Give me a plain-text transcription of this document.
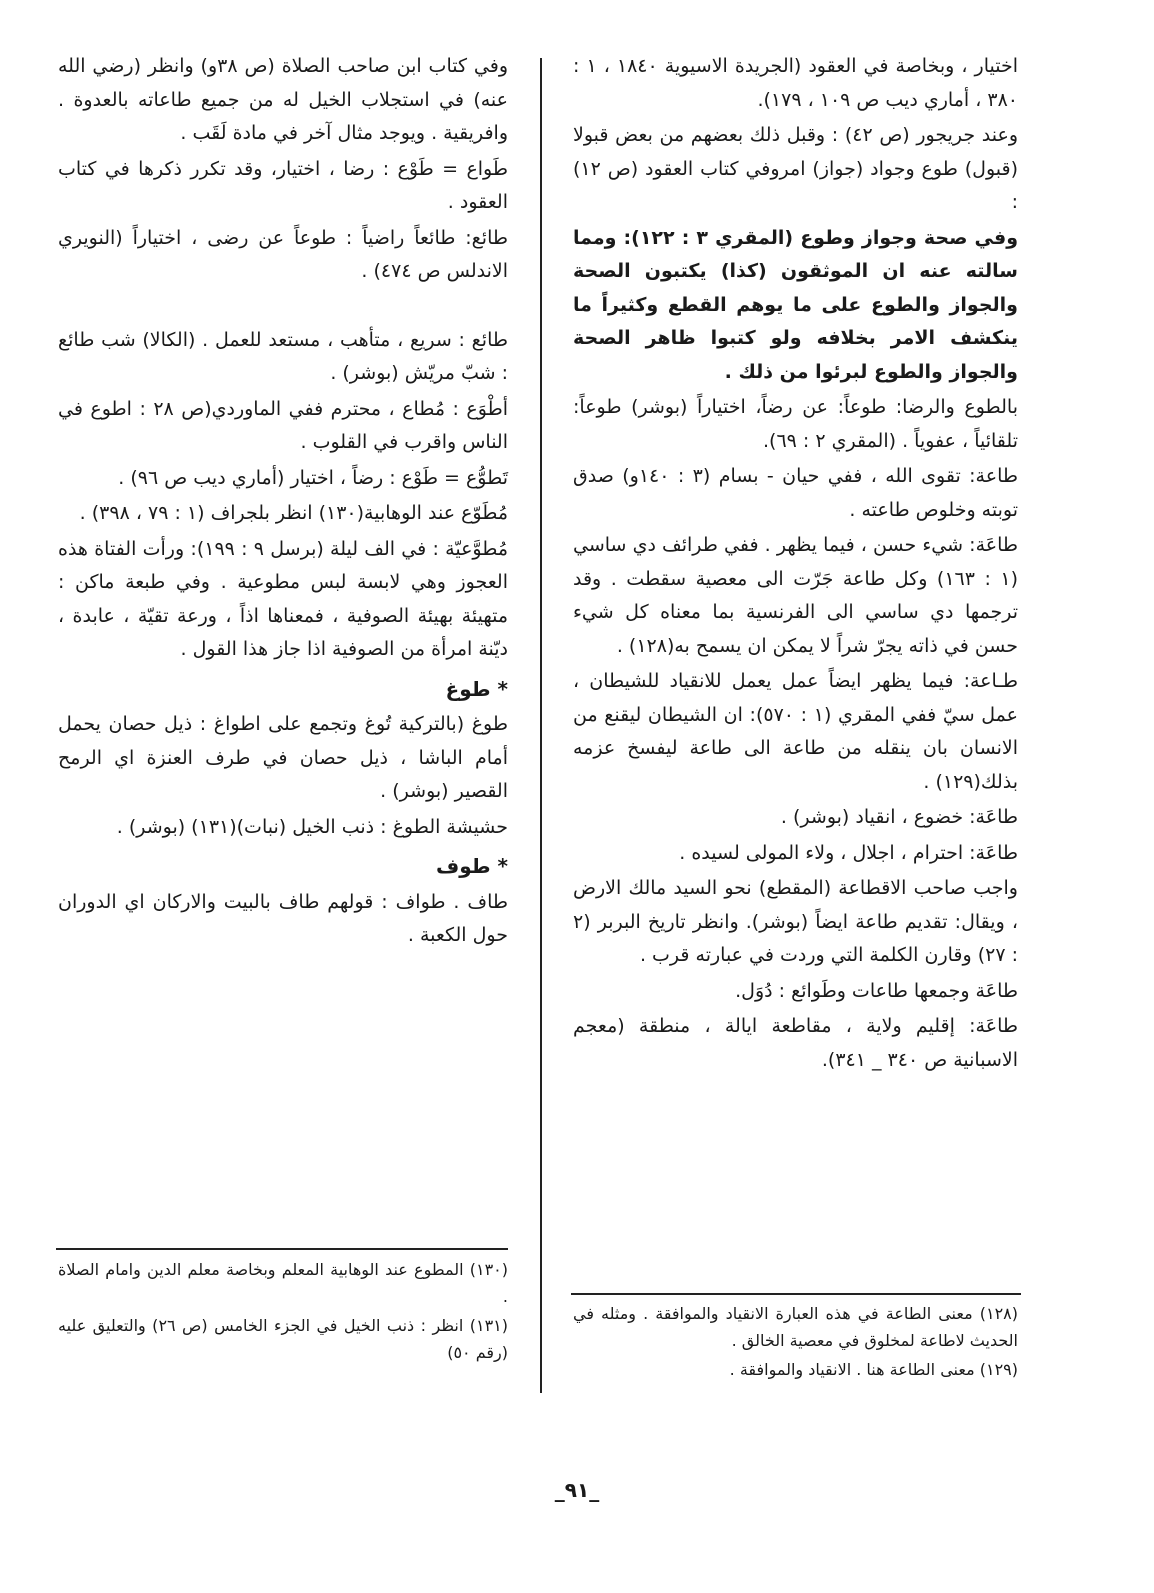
اختيار ، وبخاصة في العقود (الجريدة الاسيوية ١٨٤٠ ، ١ : ٣٨٠ ، أماري ديب ص ١٠٩ ، ١٧٩).

وعند جريجور (ص ٤٢) : وقبل ذلك بعضهم من بعض قبولا (قبول) طوع وجواد (جواز) امروفي كتاب العقود (ص ١٢) :

وفي صحة وجواز وطوع (المقري ٣ : ١٢٢): ومما سالته عنه ان الموثقون (كذا) يكتبون الصحة والجواز والطوع على ما يوهم القطع وكثيراً ما ينكشف الامر بخلافه ولو كتبوا ظاهر الصحة والجواز والطوع لبرئوا من ذلك .

بالطوع والرضا: طوعاً: عن رضاً، اختياراً (بوشر) طوعاً: تلقائياً ، عفوياً . (المقري ٢ : ٦٩).

طاعة: تقوى الله ، ففي حيان - بسام (٣ : ١٤٠و) صدق توبته وخلوص طاعته .

طاعَة: شيء حسن ، فيما يظهر . ففي طرائف دي ساسي (١ : ١٦٣) وكل طاعة جَرّت الى معصية سقطت . وقد ترجمها دي ساسي الى الفرنسية بما معناه كل شيء حسن في ذاته يجرّ شراً لا يمكن ان يسمح به(١٢٨) .

طـاعة: فيما يظهر ايضاً عمل يعمل للانقياد للشيطان ، عمل سيّ ففي المقري (١ : ٥٧٠): ان الشيطان ليقنع من الانسان بان ينقله من طاعة الى طاعة ليفسخ عزمه بذلك(١٢٩) .

طاعَة: خضوع ، انقياد (بوشر) .

طاعَة: احترام ، اجلال ، ولاء المولى لسيده .

واجب صاحب الاقطاعة (المقطع) نحو السيد مالك الارض ، ويقال: تقديم طاعة ايضاً (بوشر). وانظر تاريخ البربر (٢ : ٢٧) وقارن الكلمة التي وردت في عبارته قرب .

طاعَة وجمعها طاعات وطَوائع : دُوَل.

طاعَة: إقليم ولاية ، مقاطعة ايالة ، منطقة (معجم الاسبانية ص ٣٤٠ _ ٣٤١).

(١٢٨) معنى الطاعة في هذه العبارة الانقياد والموافقة . ومثله في الحديث لاطاعة لمخلوق في معصية الخالق .

(١٢٩) معنى الطاعة هنا . الانقياد والموافقة .

وفي كتاب ابن صاحب الصلاة (ص ٣٨و) وانظر (رضي الله عنه) في استجلاب الخيل له من جميع طاعاته بالعدوة . وافريقية . ويوجد مثال آخر في مادة لَقَب .

طَواع = طَوْع : رضا ، اختيار، وقد تكرر ذكرها في كتاب العقود .

طائع: طائعاً راضياً : طوعاً عن رضى ، اختياراً (النويري الاندلس ص ٤٧٤) .

طائع : سريع ، متأهب ، مستعد للعمل . (الكالا) شب طائع : شبّ مريّش (بوشر) .

أطْوَع : مُطاع ، محترم ففي الماوردي(ص ٢٨ : اطوع في الناس واقرب في القلوب .

تَطوُّع = طَوْع : رضاً ، اختيار (أماري ديب ص ٩٦) .

مُطَوّع عند الوهابية(١٣٠) انظر بلجراف (١ : ٧٩ ، ٣٩٨) .

مُطوَّعيّة : في الف ليلة (برسل ٩ : ١٩٩): ورأت الفتاة هذه العجوز وهي لابسة لبس مطوعية . وفي طبعة ماكن : متهيئة بهيئة الصوفية ، فمعناها اذاً ، ورعة تقيّة ، عابدة ، ديّنة امرأة من الصوفية اذا جاز هذا القول .

* طوغ

طوغ (بالتركية تُوغ وتجمع على اطواغ : ذيل حصان يحمل أمام الباشا ، ذيل حصان في طرف العنزة اي الرمح القصير (بوشر) .

حشيشة الطوغ : ذنب الخيل (نبات)(١٣١) (بوشر) .

* طوف

طاف . طواف : قولهم طاف بالبيت والاركان اي الدوران حول الكعبة .

(١٣٠) المطوع عند الوهابية المعلم وبخاصة معلم الدين وامام الصلاة .

(١٣١) انظر : ذنب الخيل في الجزء الخامس (ص ٢٦) والتعليق عليه (رقم ٥٠)

_٩١_
